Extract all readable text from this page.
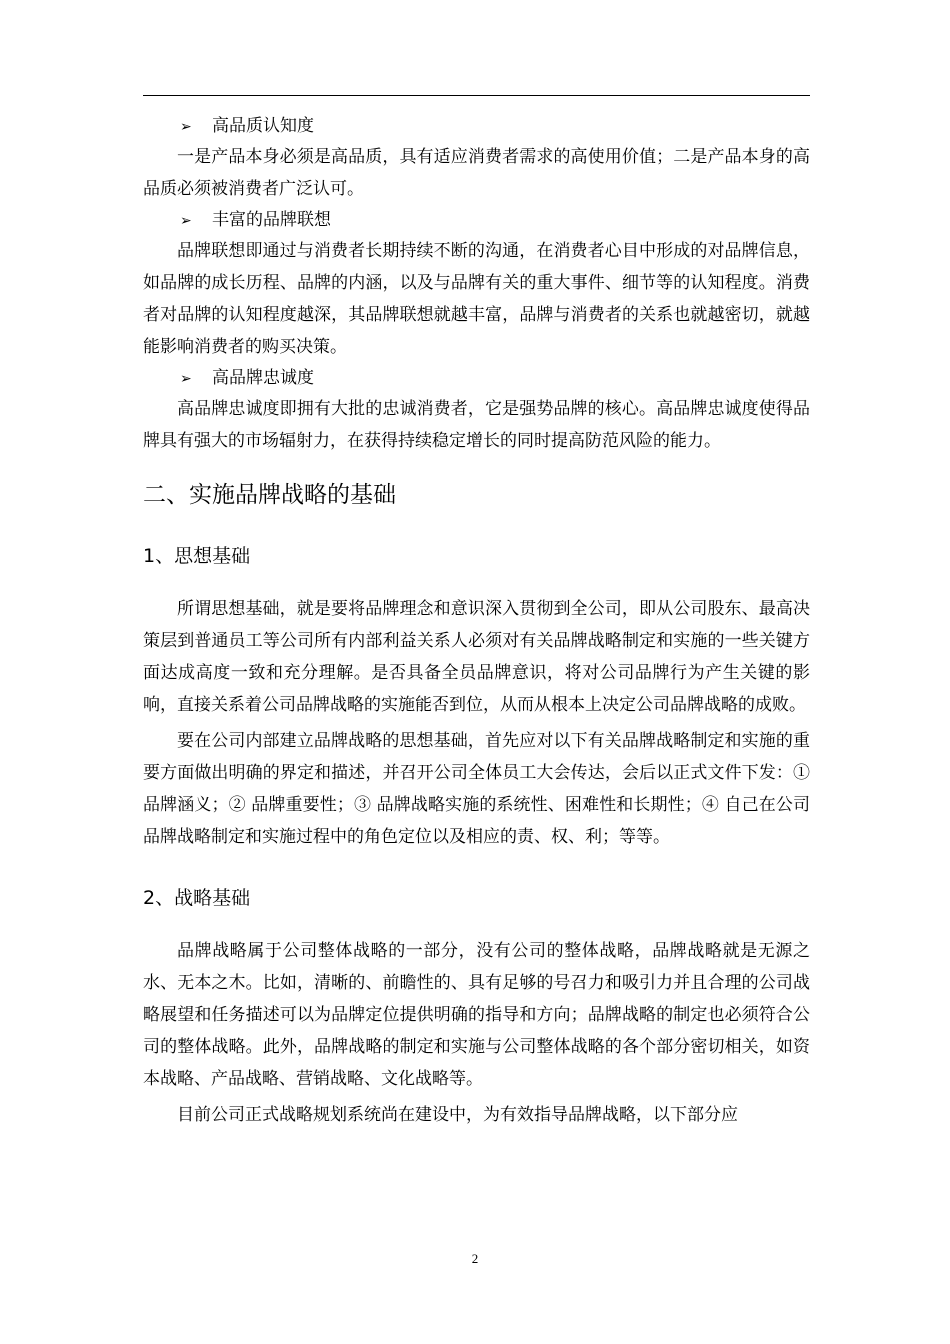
➢ 高品质认知度

一是产品本身必须是高品质，具有适应消费者需求的高使用价值；二是产品本身的高品质必须被消费者广泛认可。

➢ 丰富的品牌联想

品牌联想即通过与消费者长期持续不断的沟通，在消费者心目中形成的对品牌信息，如品牌的成长历程、品牌的内涵，以及与品牌有关的重大事件、细节等的认知程度。消费者对品牌的认知程度越深，其品牌联想就越丰富，品牌与消费者的关系也就越密切，就越能影响消费者的购买决策。

➢ 高品牌忠诚度

高品牌忠诚度即拥有大批的忠诚消费者，它是强势品牌的核心。高品牌忠诚度使得品牌具有强大的市场辐射力，在获得持续稳定增长的同时提高防范风险的能力。

二、实施品牌战略的基础
1、思想基础

所谓思想基础，就是要将品牌理念和意识深入贯彻到全公司，即从公司股东、最高决策层到普通员工等公司所有内部利益关系人必须对有关品牌战略制定和实施的一些关键方面达成高度一致和充分理解。是否具备全员品牌意识，将对公司品牌行为产生关键的影响，直接关系着公司品牌战略的实施能否到位，从而从根本上决定公司品牌战略的成败。

要在公司内部建立品牌战略的思想基础，首先应对以下有关品牌战略制定和实施的重要方面做出明确的界定和描述，并召开公司全体员工大会传达，会后以正式文件下发：① 品牌涵义；② 品牌重要性；③ 品牌战略实施的系统性、困难性和长期性；④ 自己在公司品牌战略制定和实施过程中的角色定位以及相应的责、权、利；等等。

2、战略基础

品牌战略属于公司整体战略的一部分，没有公司的整体战略，品牌战略就是无源之水、无本之木。比如，清晰的、前瞻性的、具有足够的号召力和吸引力并且合理的公司战略展望和任务描述可以为品牌定位提供明确的指导和方向；品牌战略的制定也必须符合公司的整体战略。此外，品牌战略的制定和实施与公司整体战略的各个部分密切相关，如资本战略、产品战略、营销战略、文化战略等。

目前公司正式战略规划系统尚在建设中，为有效指导品牌战略，以下部分应

2
